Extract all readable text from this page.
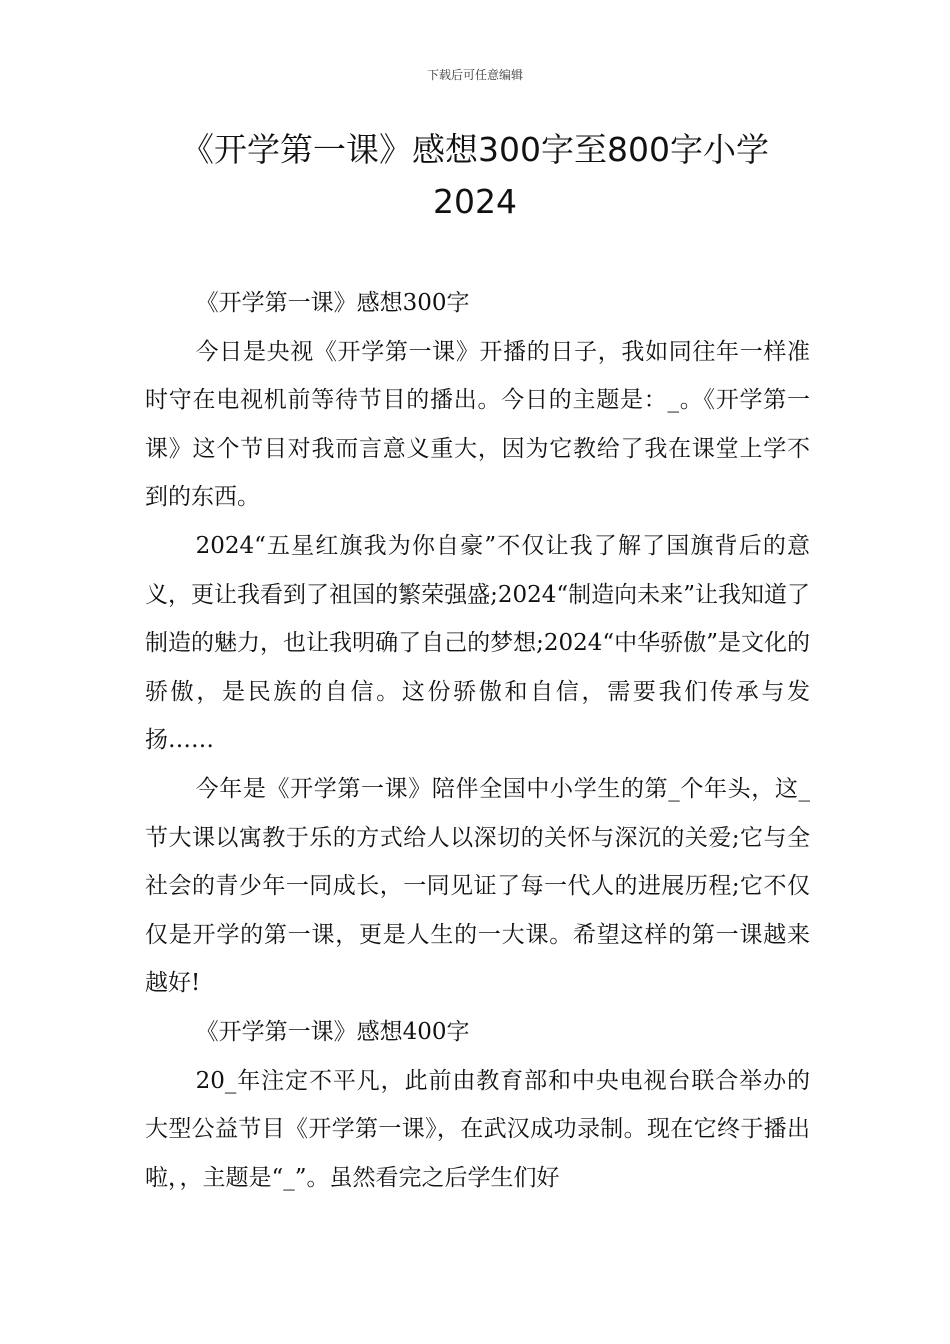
下载后可任意编辑
《开学第一课》感想300字至800字小学
2024

《开学第一课》感想300字

今日是央视《开学第一课》开播的日子，我如同往年一样准时守在电视机前等待节目的播出。今日的主题是：_。《开学第一课》这个节目对我而言意义重大，因为它教给了我在课堂上学不到的东西。

2024“五星红旗我为你自豪”不仅让我了解了国旗背后的意义，更让我看到了祖国的繁荣强盛;2024“制造向未来”让我知道了制造的魅力，也让我明确了自己的梦想;2024“中华骄傲”是文化的骄傲，是民族的自信。这份骄傲和自信，需要我们传承与发扬……

今年是《开学第一课》陪伴全国中小学生的第_个年头，这_节大课以寓教于乐的方式给人以深切的关怀与深沉的关爱;它与全社会的青少年一同成长，一同见证了每一代人的进展历程;它不仅仅是开学的第一课，更是人生的一大课。希望这样的第一课越来越好!

《开学第一课》感想400字

20_年注定不平凡，此前由教育部和中央电视台联合举办的大型公益节目《开学第一课》，在武汉成功录制。现在它终于播出啦，，主题是“_”。虽然看完之后学生们好
